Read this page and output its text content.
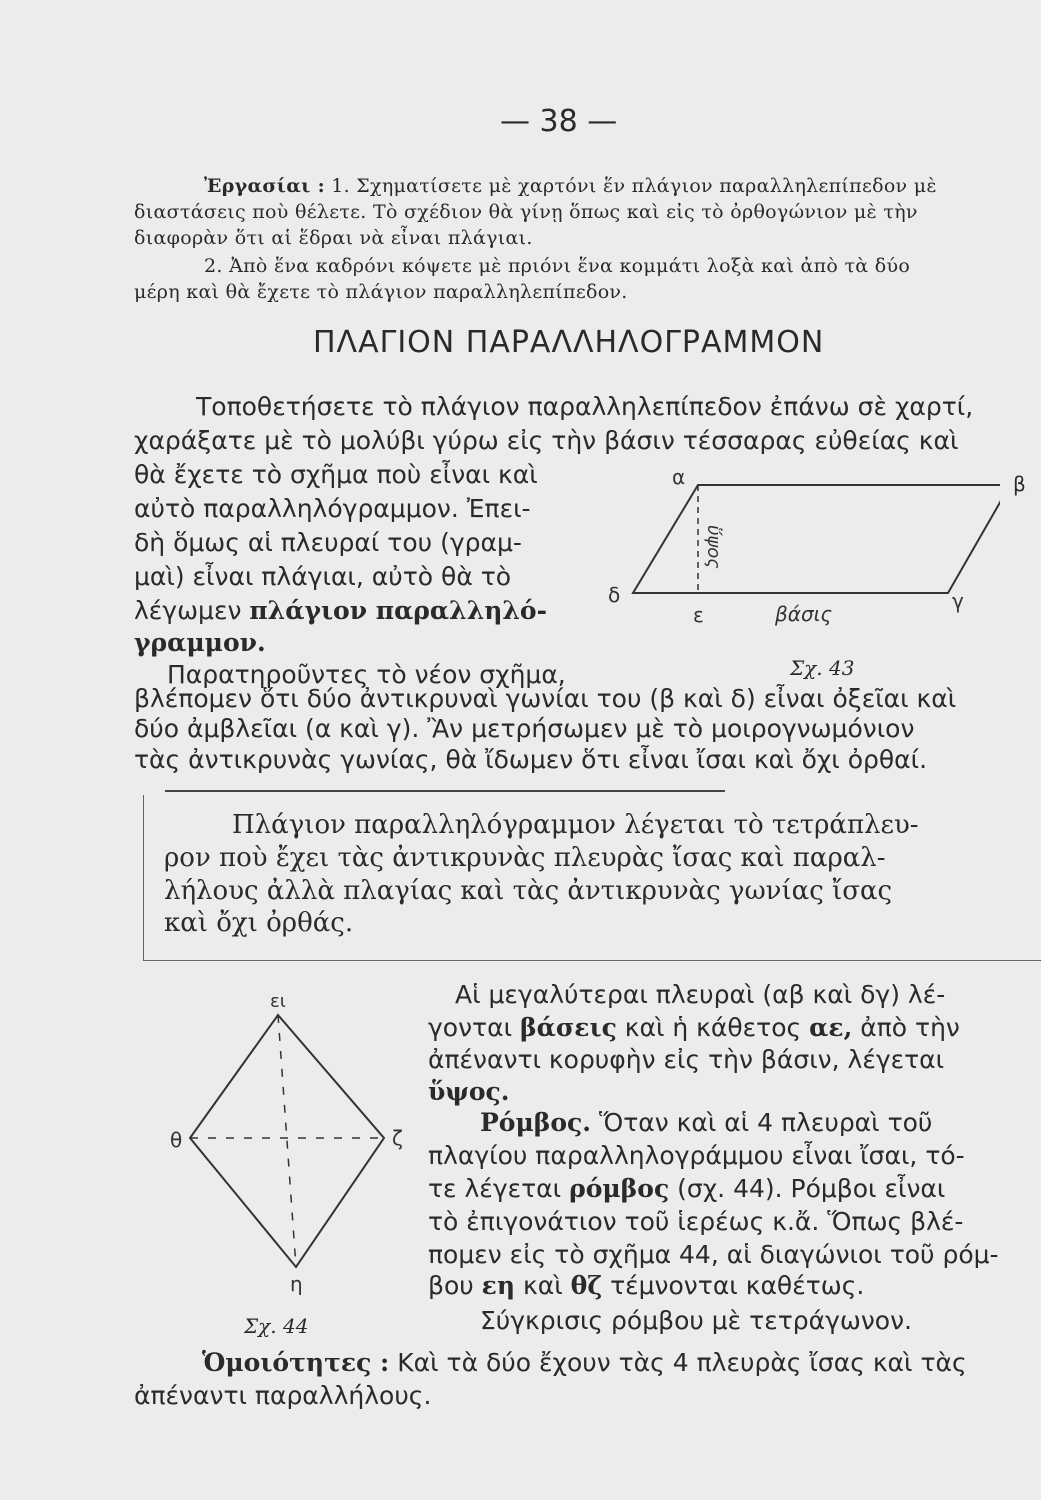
— 38 —
Ἐργασίαι : 1. Σχηματίσετε μὲ χαρτόνι ἕν πλάγιον παραλληλεπίπεδον μὲ
διαστάσεις ποὺ θέλετε. Τὸ σχέδιον θὰ γίνῃ ὅπως καὶ εἰς τὸ ὀρθογώνιον μὲ τὴν
διαφορὰν ὅτι αἱ ἕδραι νὰ εἶναι πλάγιαι.
2. Ἀπὸ ἕνα καδρόνι κόψετε μὲ πριόνι ἕνα κομμάτι λοξὰ καὶ ἀπὸ τὰ δύο
μέρη καὶ θὰ ἔχετε τὸ πλάγιον παραλληλεπίπεδον.
ΠΛΑΓΙΟΝ ΠΑΡΑΛΛΗΛΟΓΡΑΜΜΟΝ
Τοποθετήσετε τὸ πλάγιον παραλληλεπίπεδον ἐπάνω σὲ χαρτί,
χαράξατε μὲ τὸ μολύβι γύρω εἰς τὴν βάσιν τέσσαρας εὐθείας καὶ
θὰ ἔχετε τὸ σχῆμα ποὺ εἶναι καὶ
αὐτὸ παραλληλόγραμμον. Ἐπει-
δὴ ὅμως αἱ πλευραί του (γραμ-
μαὶ) εἶναι πλάγιαι, αὐτὸ θὰ τὸ
λέγωμεν πλάγιον παραλληλό-
γραμμον.
α
δ	γ
ε
ὕψος
βάσις
β
Σχ. 43
Παρατηροῦντες τὸ νέον σχῆμα,
βλέπομεν ὅτι δύο ἀντικρυναὶ γωνίαι του (β καὶ δ) εἶναι ὀξεῖαι καὶ
δύο ἀμβλεῖαι (α καὶ γ). Ἂν μετρήσωμεν μὲ τὸ μοιρογνωμόνιον
τὰς ἀντικρυνὰς γωνίας, θὰ ἴδωμεν ὅτι εἶναι ἴσαι καὶ ὄχι ὀρθαί.
Πλάγιον παραλληλόγραμμον λέγεται τὸ τετράπλευ-
ρον ποὺ ἔχει τὰς ἀντικρυνὰς πλευρὰς ἴσας καὶ παραλ-
λήλους ἀλλὰ πλαγίας καὶ τὰς ἀντικρυνὰς γωνίας ἴσας
καὶ ὄχι ὀρθάς.
Αἱ μεγαλύτεραι πλευραὶ (αβ καὶ δγ) λέ-
γονται βάσεις καὶ ἡ κάθετος αε, ἀπὸ τὴν
ἀπέναντι κορυφὴν εἰς τὴν βάσιν, λέγεται
ὕψος.
Ρόμβος. Ὅταν καὶ αἱ 4 πλευραὶ τοῦ
πλαγίου παραλληλογράμμου εἶναι ἴσαι, τό-
τε λέγεται ρόμβος (σχ. 44). Ρόμβοι εἶναι
τὸ ἐπιγονάτιον τοῦ ἱερέως κ.ἄ. Ὅπως βλέ-
πομεν εἰς τὸ σχῆμα 44, αἱ διαγώνιοι τοῦ ρόμ-
βου εη καὶ θζ τέμνονται καθέτως.
Σύγκρισις ρόμβου μὲ τετράγωνον.
ει
θ	ζ
η
Σχ. 44
Ὁμοιότητες : Καὶ τὰ δύο ἔχουν τὰς 4 πλευρὰς ἴσας καὶ τὰς
ἀπέναντι παραλλήλους.
